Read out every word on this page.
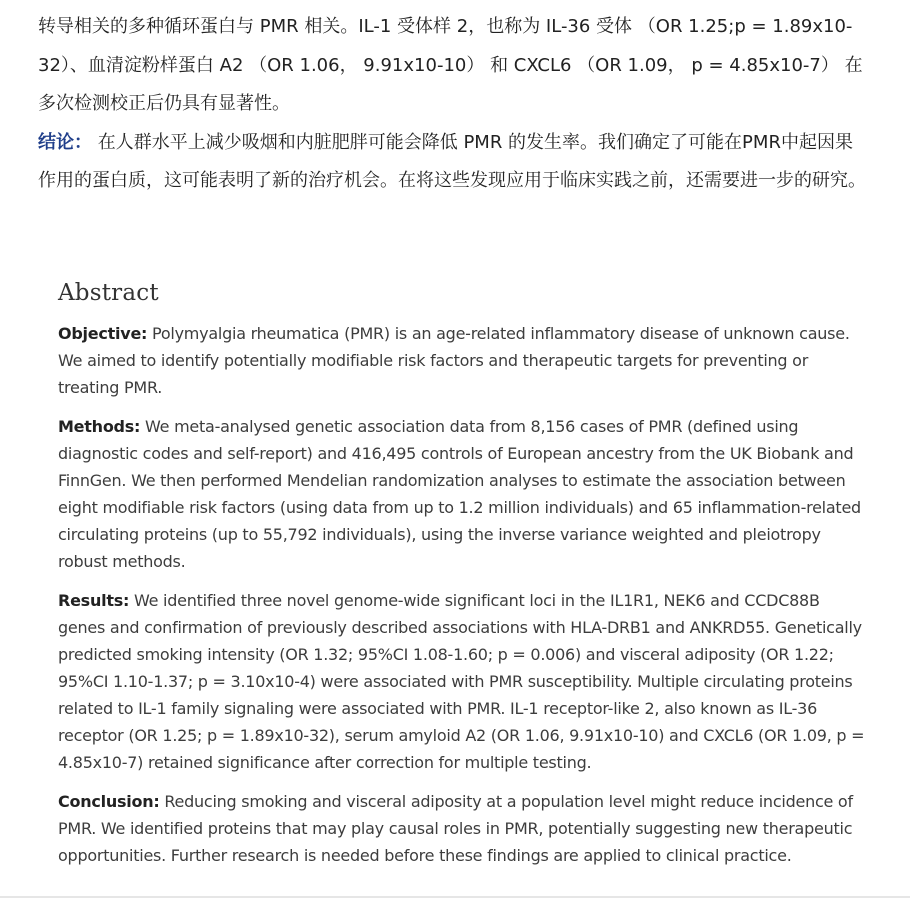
转导相关的多种循环蛋白与 PMR 相关。IL-1 受体样 2，也称为 IL-36 受体 （OR 1.25;p = 1.89x10-32）、血清淀粉样蛋白 A2 （OR 1.06， 9.91x10-10） 和 CXCL6 （OR 1.09， p = 4.85x10-7） 在多次检测校正后仍具有显著性。

结论： 在人群水平上减少吸烟和内脏肥胖可能会降低 PMR 的发生率。我们确定了可能在PMR中起因果作用的蛋白质，这可能表明了新的治疗机会。在将这些发现应用于临床实践之前，还需要进一步的研究。

Abstract

Objective: Polymyalgia rheumatica (PMR) is an age-related inflammatory disease of unknown cause. We aimed to identify potentially modifiable risk factors and therapeutic targets for preventing or treating PMR.

Methods: We meta-analysed genetic association data from 8,156 cases of PMR (defined using diagnostic codes and self-report) and 416,495 controls of European ancestry from the UK Biobank and FinnGen. We then performed Mendelian randomization analyses to estimate the association between eight modifiable risk factors (using data from up to 1.2 million individuals) and 65 inflammation-related circulating proteins (up to 55,792 individuals), using the inverse variance weighted and pleiotropy robust methods.

Results: We identified three novel genome-wide significant loci in the IL1R1, NEK6 and CCDC88B genes and confirmation of previously described associations with HLA-DRB1 and ANKRD55. Genetically predicted smoking intensity (OR 1.32; 95%CI 1.08-1.60; p = 0.006) and visceral adiposity (OR 1.22; 95%CI 1.10-1.37; p = 3.10x10-4) were associated with PMR susceptibility. Multiple circulating proteins related to IL-1 family signaling were associated with PMR. IL-1 receptor-like 2, also known as IL-36 receptor (OR 1.25; p = 1.89x10-32), serum amyloid A2 (OR 1.06, 9.91x10-10) and CXCL6 (OR 1.09, p = 4.85x10-7) retained significance after correction for multiple testing.

Conclusion: Reducing smoking and visceral adiposity at a population level might reduce incidence of PMR. We identified proteins that may play causal roles in PMR, potentially suggesting new therapeutic opportunities. Further research is needed before these findings are applied to clinical practice.
